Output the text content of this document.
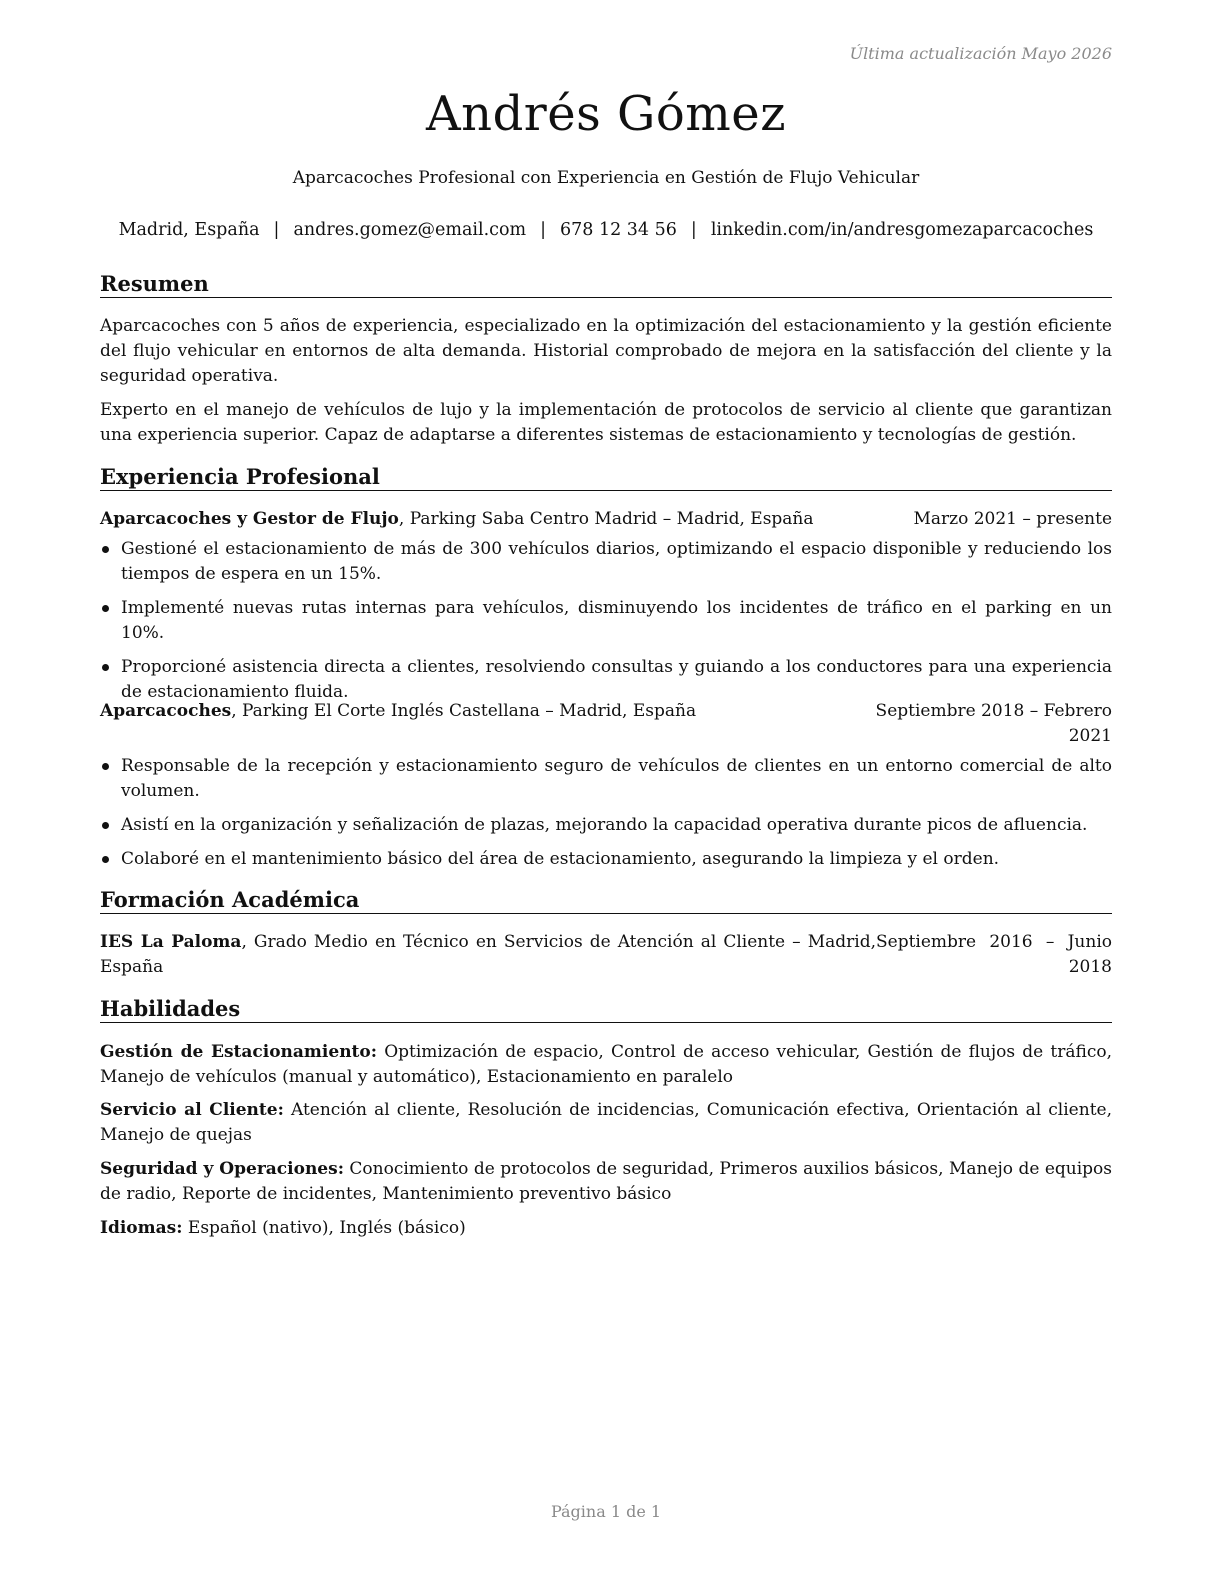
Última actualización Mayo 2026
Andrés Gómez
Aparcacoches Profesional con Experiencia en Gestión de Flujo Vehicular
Madrid, España | andres.gomez@email.com | 678 12 34 56 | linkedin.com/in/andresgomezaparcacoches
Resumen

Aparcacoches con 5 años de experiencia, especializado en la optimización del estacionamiento y la gestión eficiente del flujo vehicular en entornos de alta demanda. Historial comprobado de mejora en la satisfacción del cliente y la seguridad operativa.

Experto en el manejo de vehículos de lujo y la implementación de protocolos de servicio al cliente que garantizan una experiencia superior. Capaz de adaptarse a diferentes sistemas de estacionamiento y tecnologías de gestión.

Experiencia Profesional
Aparcacoches y Gestor de Flujo, Parking Saba Centro Madrid – Madrid, España	Marzo 2021 – presente
Gestioné el estacionamiento de más de 300 vehículos diarios, optimizando el espacio disponible y reduciendo los tiempos de espera en un 15%.
Implementé nuevas rutas internas para vehículos, disminuyendo los incidentes de tráfico en el parking en un 10%.
Proporcioné asistencia directa a clientes, resolviendo consultas y guiando a los conductores para una experiencia de estacionamiento fluida.
Aparcacoches, Parking El Corte Inglés Castellana – Madrid, España	Septiembre 2018 – Febrero
2021
Responsable de la recepción y estacionamiento seguro de vehículos de clientes en un entorno comercial de alto volumen.
Asistí en la organización y señalización de plazas, mejorando la capacidad operativa durante picos de afluencia.
Colaboré en el mantenimiento básico del área de estacionamiento, asegurando la limpieza y el orden.
Formación Académica
IES La Paloma, Grado Medio en Técnico en Servicios de Atención al Cliente – Madrid, España
Septiembre 2016 – Junio 2018
Habilidades
Gestión de Estacionamiento: Optimización de espacio, Control de acceso vehicular, Gestión de flujos de tráfico, Manejo de vehículos (manual y automático), Estacionamiento en paralelo
Servicio al Cliente: Atención al cliente, Resolución de incidencias, Comunicación efectiva, Orientación al cliente, Manejo de quejas
Seguridad y Operaciones: Conocimiento de protocolos de seguridad, Primeros auxilios básicos, Manejo de equipos de radio, Reporte de incidentes, Mantenimiento preventivo básico
Idiomas: Español (nativo), Inglés (básico)
Página 1 de 1
